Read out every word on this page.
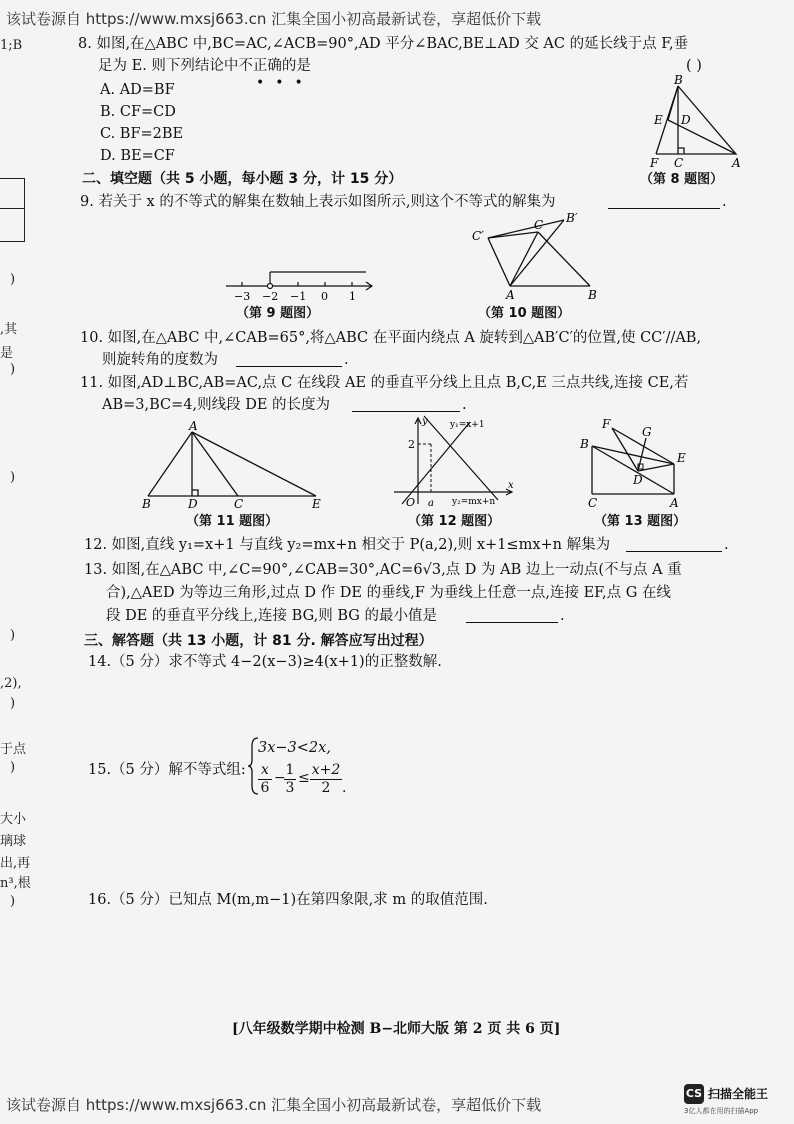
该试卷源自 https://www.mxsj663.cn 汇集全国小初高最新试卷，享超低价下载
1;B
)
,其
是
)
)
)
,2),
)
于点
)
大小
璃球
出,再
n³,根
)
8. 如图,在△ABC 中,BC=AC,∠ACB=90°,AD 平分∠BAC,BE⊥AD 交 AC 的延长线于点 F,垂
足为 E. 则下列结论中不正确的是
•••
( )
A. AD=BF
B. CF=CD
C. BF=2BE
D. BE=CF
B
E D
F C	A
（第 8 题图）
二、填空题（共 5 小题，每小题 3 分，计 15 分）
9. 若关于 x 的不等式的解集在数轴上表示如图所示,则这个不等式的解集为	.
−3 −2 −1 0 1
（第 9 题图）
C′
C B′
A	B
（第 10 题图）
10. 如图,在△ABC 中,∠CAB=65°,将△ABC 在平面内绕点 A 旋转到△AB′C′的位置,使 CC′//AB,
则旋转角的度数为	.
11. 如图,AD⊥BC,AB=AC,点 C 在线段 AE 的垂直平分线上且点 B,C,E 三点共线,连接 CE,若
AB=3,BC=4,则线段 DE 的长度为	.
A
B	D	C	E
（第 11 题图）
y
x
2
O a
y₁=x+1
y₂=mx+n
（第 12 题图）
F
G
B
E
D
C	A
（第 13 题图）
12. 如图,直线 y₁=x+1 与直线 y₂=mx+n 相交于 P(a,2),则 x+1≤mx+n 解集为	.
13. 如图,在△ABC 中,∠C=90°,∠CAB=30°,AC=6√3,点 D 为 AB 边上一动点(不与点 A 重
合),△AED 为等边三角形,过点 D 作 DE 的垂线,F 为垂线上任意一点,连接 EF,点 G 在线
段 DE 的垂直平分线上,连接 BG,则 BG 的最小值是	.
三、解答题（共 13 小题，计 81 分. 解答应写出过程）
14.（5 分）求不等式 4−2(x−3)≥4(x+1)的正整数解.
15.（5 分）解不等式组:
3x−3<2x,
x
6
− 1
3
≤ x+2
2 .
16.（5 分）已知点 M(m,m−1)在第四象限,求 m 的取值范围.
[八年级数学期中检测 B−北师大版 第 2 页 共 6 页]
该试卷源自 https://www.mxsj663.cn 汇集全国小初高最新试卷，享超低价下载
CS 扫描全能王
3亿人都在用的扫描App
